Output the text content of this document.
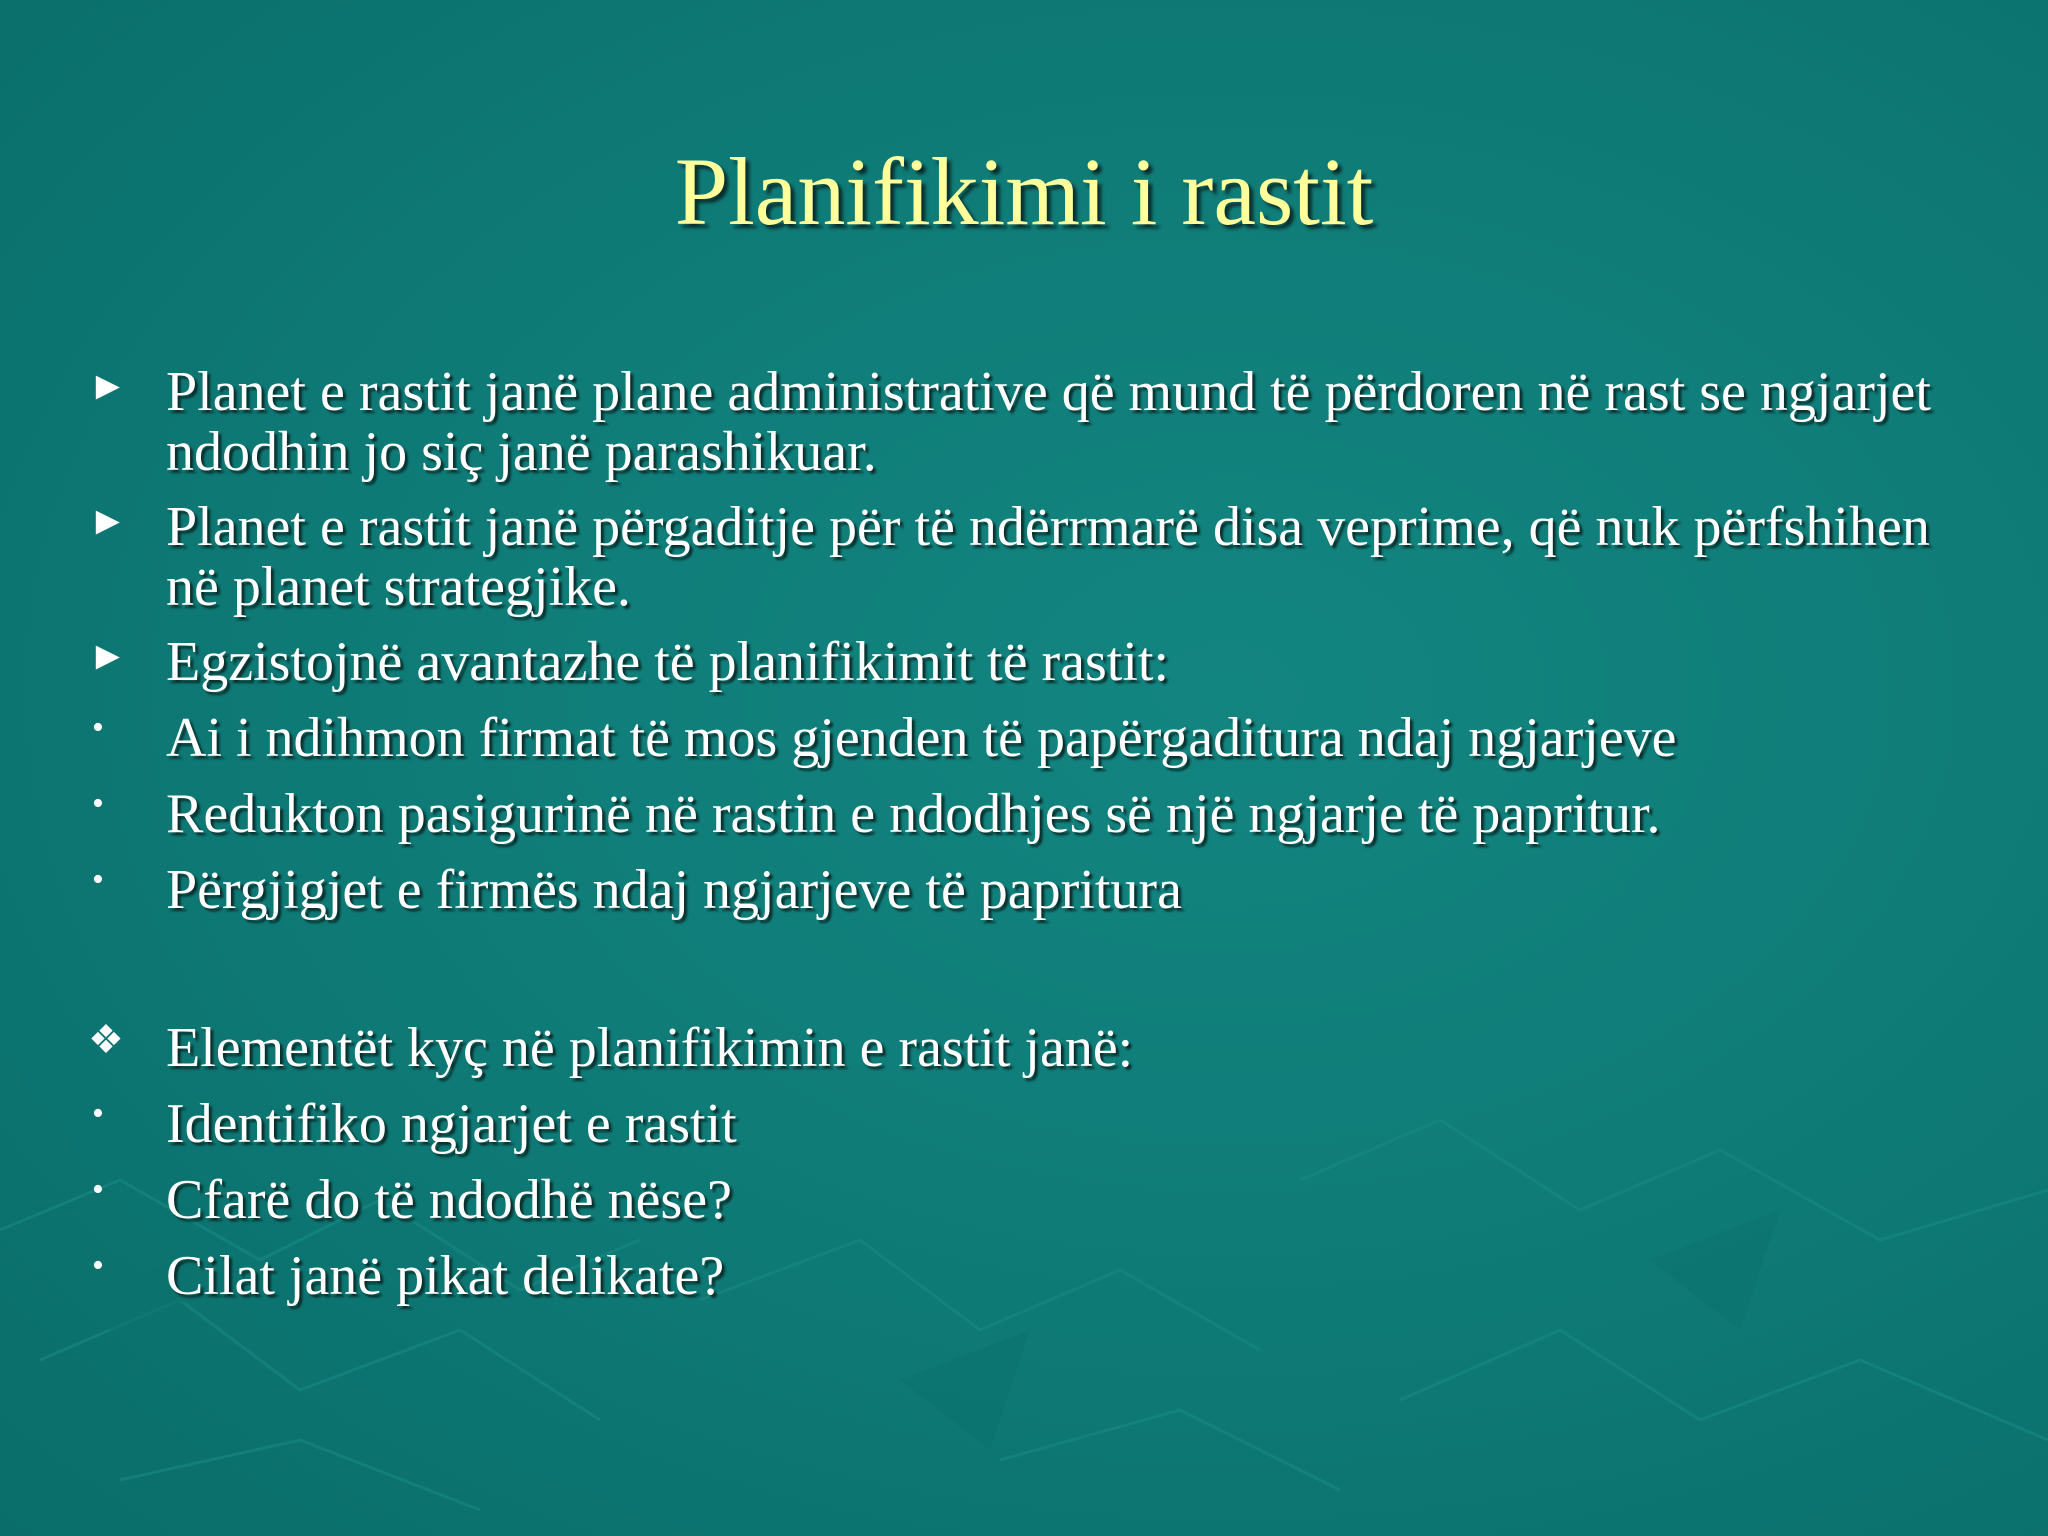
Planifikimi i rastit
► Planet e rastit janë plane administrative që mund të përdoren në rast se ngjarjet ndodhin jo siç janë parashikuar.
► Planet e rastit janë përgaditje për të ndërrmarë disa veprime, që nuk përfshihen në planet strategjike.
► Egzistojnë avantazhe të planifikimit të rastit:
•	Ai i ndihmon firmat të mos gjenden të papërgaditura ndaj ngjarjeve
•	Redukton pasigurinë në rastin e ndodhjes së një ngjarje të papritur.
•	Përgjigjet e firmës ndaj ngjarjeve të papritura
❖ Elementët kyç në planifikimin e rastit janë:
•	Identifiko ngjarjet e rastit
•	Cfarë do të ndodhë nëse?
•	Cilat janë pikat delikate?
